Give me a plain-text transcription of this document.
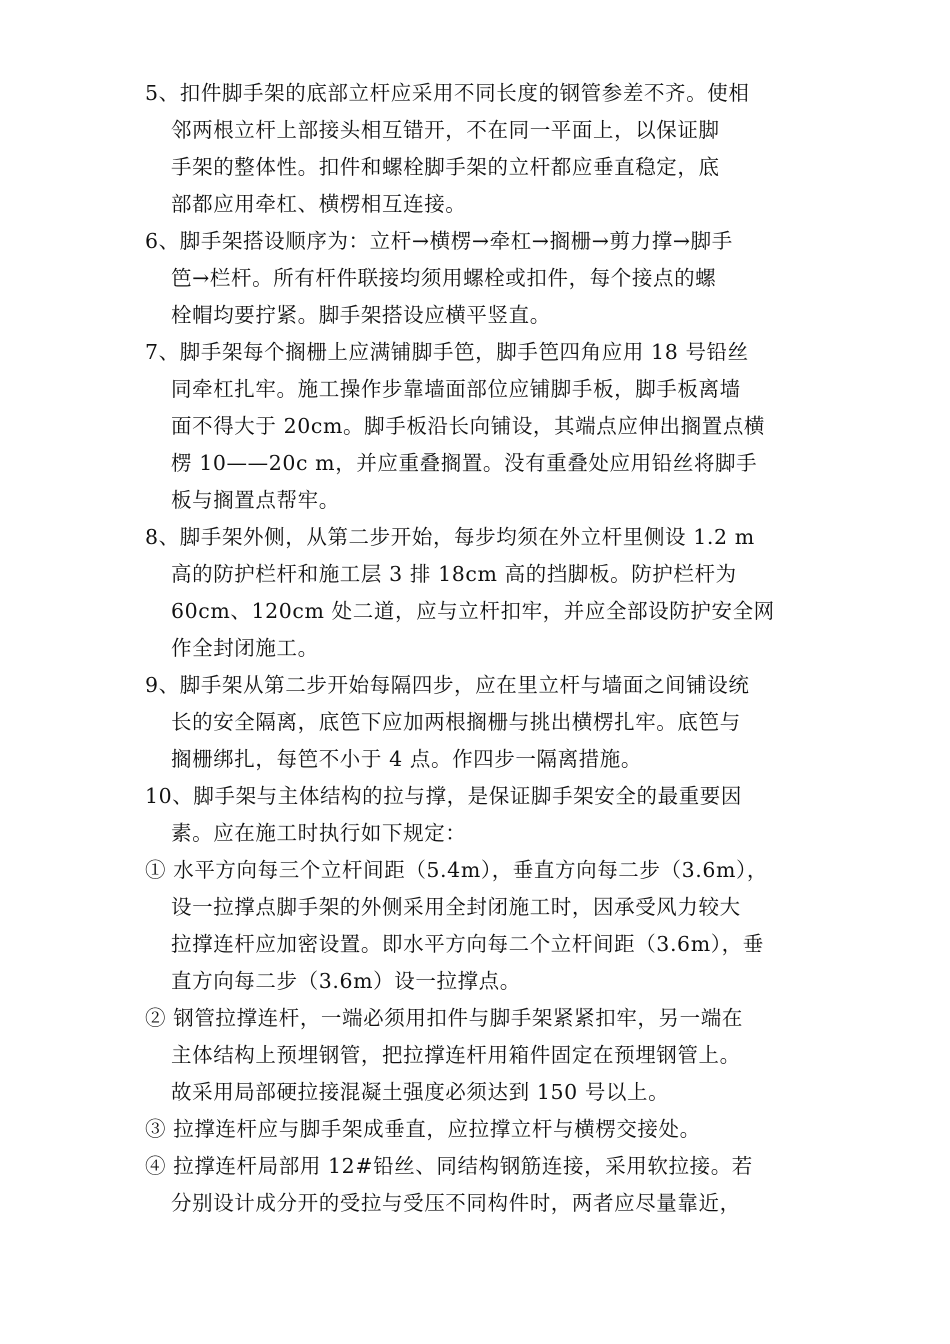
5、扣件脚手架的底部立杆应采用不同长度的钢管参差不齐。使相
邻两根立杆上部接头相互错开，不在同一平面上，以保证脚
手架的整体性。扣件和螺栓脚手架的立杆都应垂直稳定，底
部都应用牵杠、横楞相互连接。
6、脚手架搭设顺序为：立杆→横楞→牵杠→搁栅→剪力撑→脚手
笆→栏杆。所有杆件联接均须用螺栓或扣件，每个接点的螺
栓帽均要拧紧。脚手架搭设应横平竖直。
7、脚手架每个搁栅上应满铺脚手笆，脚手笆四角应用 18 号铅丝
同牵杠扎牢。施工操作步靠墙面部位应铺脚手板，脚手板离墙
面不得大于 20cm。脚手板沿长向铺设，其端点应伸出搁置点横
楞 10——20c m，并应重叠搁置。没有重叠处应用铅丝将脚手
板与搁置点帮牢。
8、脚手架外侧，从第二步开始，每步均须在外立杆里侧设 1.2 m
高的防护栏杆和施工层 3 排 18cm 高的挡脚板。防护栏杆为
60cm、120cm 处二道，应与立杆扣牢，并应全部设防护安全网
作全封闭施工。
9、脚手架从第二步开始每隔四步，应在里立杆与墙面之间铺设统
长的安全隔离，底笆下应加两根搁栅与挑出横楞扎牢。底笆与
搁栅绑扎，每笆不小于 4 点。作四步一隔离措施。
10、脚手架与主体结构的拉与撑，是保证脚手架安全的最重要因
素。应在施工时执行如下规定：
① 水平方向每三个立杆间距（5.4m），垂直方向每二步（3.6m），
设一拉撑点脚手架的外侧采用全封闭施工时，因承受风力较大
拉撑连杆应加密设置。即水平方向每二个立杆间距（3.6m），垂
直方向每二步（3.6m）设一拉撑点。
② 钢管拉撑连杆，一端必须用扣件与脚手架紧紧扣牢，另一端在
主体结构上预埋钢管，把拉撑连杆用箱件固定在预埋钢管上。
故采用局部硬拉接混凝土强度必须达到 150 号以上。
③ 拉撑连杆应与脚手架成垂直，应拉撑立杆与横楞交接处。
④ 拉撑连杆局部用 12#铅丝、同结构钢筋连接，采用软拉接。若
分别设计成分开的受拉与受压不同构件时，两者应尽量靠近，
